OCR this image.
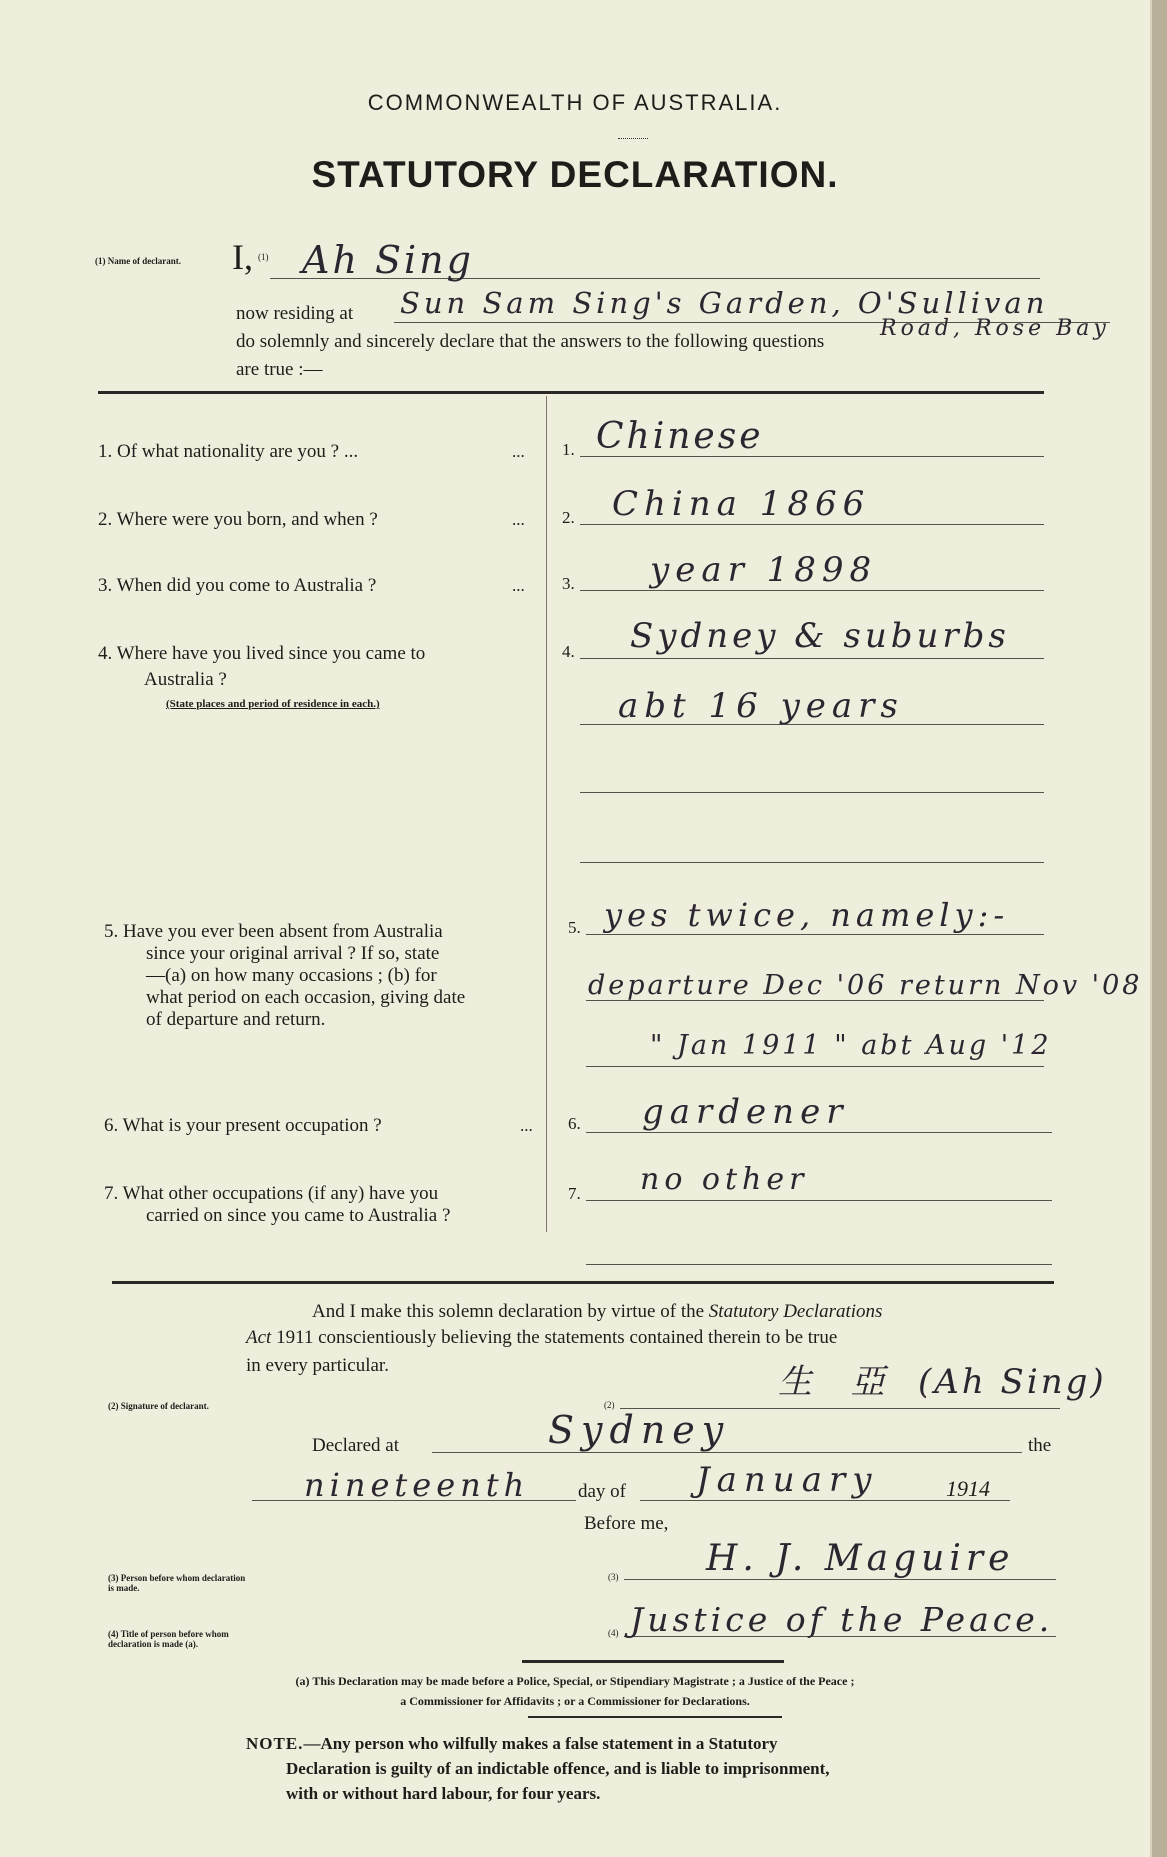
COMMONWEALTH OF AUSTRALIA.
STATUTORY DECLARATION.
(1) Name of declarant.	I, (1) Ah Sing
now residing at Sun Sam Sing's Garden, O'Sullivan
Road, Rose Bay
do solemnly and sincerely declare that the answers to the following questions
are true :—
1. Of what nationality are you ? ...	... 1. Chinese
2. Where were you born, and when ?	... 2. China 1866
3. When did you come to Australia ?	... 3. year 1898
4. Where have you lived since you came to
Australia ?
(State places and period of residence in each.)
4. Sydney & suburbs
abt 16 years
5. Have you ever been absent from Australia
since your original arrival ? If so, state
—(a) on how many occasions ; (b) for
what period on each occasion, giving date
of departure and return.
5. yes twice, namely:-
departure Dec '06 return Nov '08
" Jan 1911 " abt Aug '12
6. What is your present occupation ?	... 6. gardener
7. What other occupations (if any) have you
carried on since you came to Australia ?
7. no other
And I make this solemn declaration by virtue of the Statutory Declarations
Act 1911 conscientiously believing the statements contained therein to be true
in every particular.	生 亞 (Ah Sing)
(2) Signature of declarant.	(2)
Declared at	Sydney	the
nineteenth	day of January	1914
Before me,
(3) Person before whom declaration is made.
(3) H. J. Maguire
(4) Title of person before whom declaration is made (a).
(4) Justice of the Peace.
(a) This Declaration may be made before a Police, Special, or Stipendiary Magistrate ; a Justice of the Peace ;
a Commissioner for Affidavits ; or a Commissioner for Declarations.
NOTE.—Any person who wilfully makes a false statement in a Statutory
Declaration is guilty of an indictable offence, and is liable to imprisonment,
with or without hard labour, for four years.
